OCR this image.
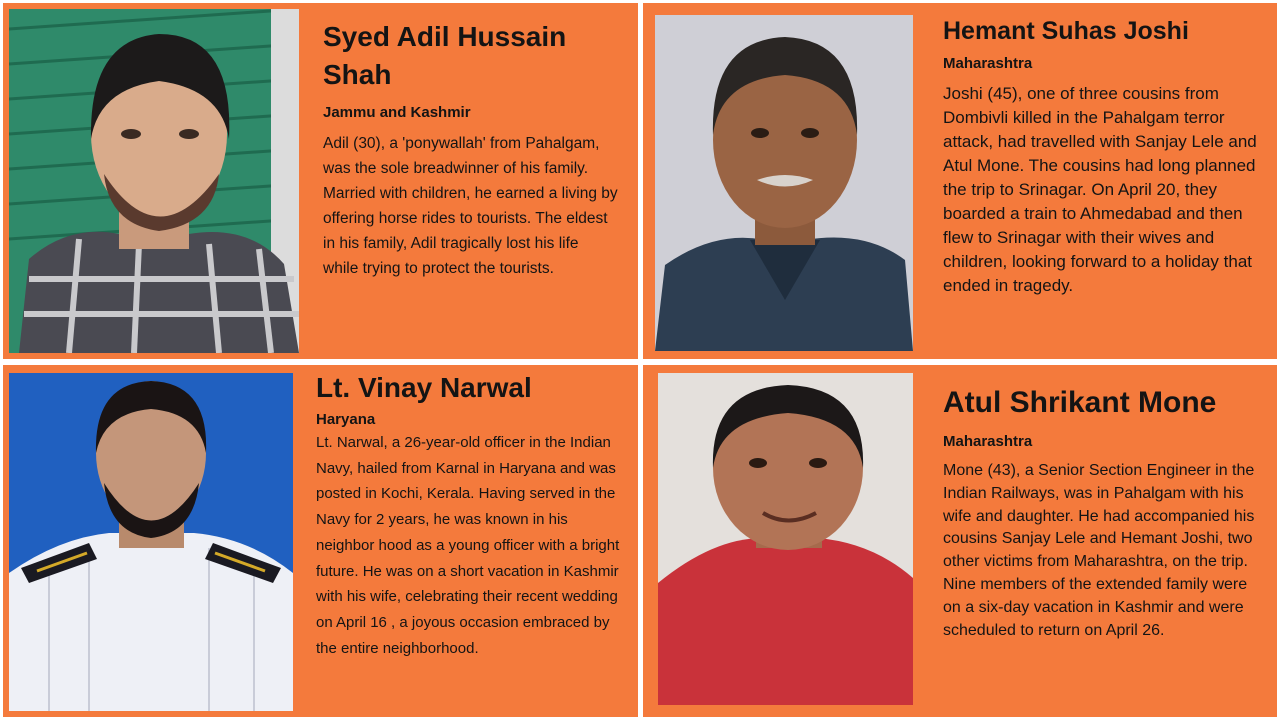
Syed Adil Hussain Shah
Jammu and Kashmir

Adil (30), a 'ponywallah' from Pahalgam, was the sole breadwinner of his family. Married with children, he earned a living by offering horse rides to tourists. The eldest in his family, Adil tragically lost his life while trying to protect the tourists.

Hemant Suhas Joshi
Maharashtra

Joshi (45), one of three cousins from Dombivli killed in the Pahalgam terror attack, had travelled with Sanjay Lele and Atul Mone. The cousins had long planned the trip to Srinagar. On April 20, they boarded a train to Ahmedabad and then flew to Srinagar with their wives and children, looking forward to a holiday that ended in tragedy.

Lt. Vinay Narwal
Haryana

Lt. Narwal, a 26-year-old officer in the Indian Navy, hailed from Karnal in Haryana and was posted in Kochi, Kerala. Having served in the Navy for 2 years, he was known in his neighbor hood as a young officer with a bright future. He was on a short vacation in Kashmir with his wife, celebrating their recent wedding on April 16 , a joyous occasion embraced by the entire neighborhood.

Atul Shrikant Mone
Maharashtra

Mone (43), a Senior Section Engineer in the Indian Railways, was in Pahalgam with his wife and daughter. He had accompanied his cousins Sanjay Lele and Hemant Joshi, two other victims from Maharashtra, on the trip. Nine members of the extended family were on a six-day vacation in Kashmir and were scheduled to return on April 26.
